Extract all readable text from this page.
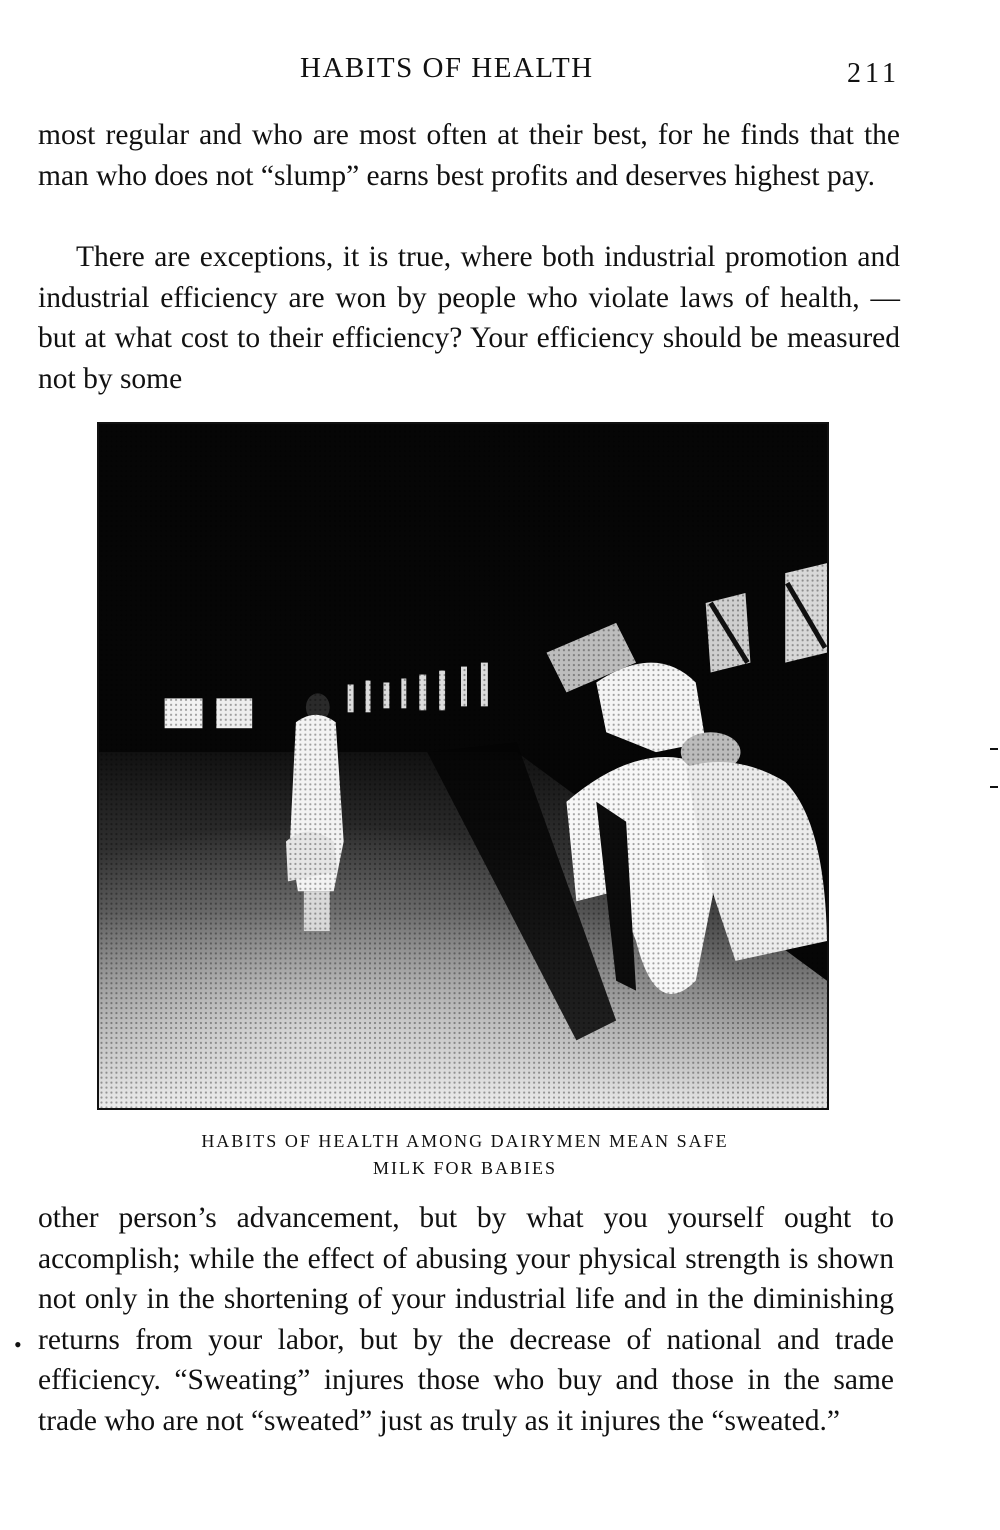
HABITS OF HEALTH	211

most regular and who are most often at their best, for he finds that the man who does not “slump” earns best profits and deserves highest pay.

There are exceptions, it is true, where both industrial promotion and industrial efficiency are won by people who violate laws of health, — but at what cost to their efficiency? Your efficiency should be measured not by some

HABITS OF HEALTH AMONG DAIRYMEN MEAN SAFE
MILK FOR BABIES

other person’s advancement, but by what you yourself ought to accomplish; while the effect of abusing your physical strength is shown not only in the shortening of your industrial life and in the diminishing returns from your labor, but by the decrease of national and trade efficiency. “Sweating” injures those who buy and those in the same trade who are not “sweated” just as truly as it injures the “sweated.”

•
